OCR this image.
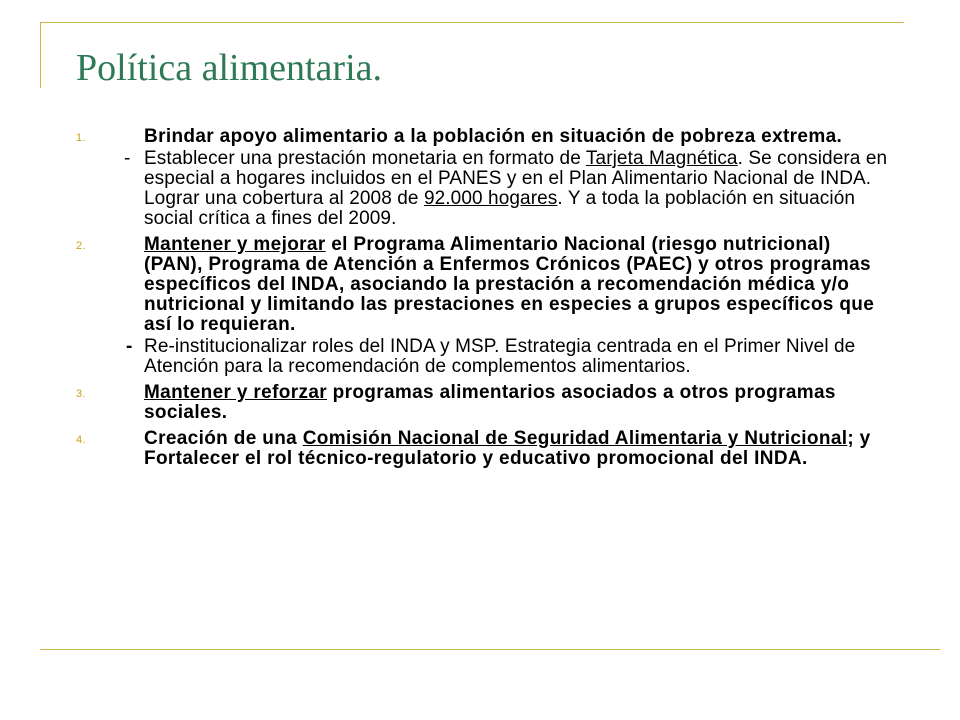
Política alimentaria.
1.	Brindar apoyo alimentario a la población en situación de pobreza extrema.
- Establecer una prestación monetaria en formato de Tarjeta Magnética. Se considera en especial a hogares incluidos en el PANES y en el Plan Alimentario Nacional de INDA. Lograr una cobertura al 2008 de 92.000 hogares. Y a toda la población en situación social crítica a fines del 2009.
2.	Mantener y mejorar el Programa Alimentario Nacional (riesgo nutricional) (PAN), Programa de Atención a Enfermos Crónicos (PAEC) y otros programas específicos del INDA, asociando la prestación a recomendación médica y/o nutricional y limitando las prestaciones en especies a grupos específicos que así lo requieran.
- Re-institucionalizar roles del INDA y MSP. Estrategia centrada en el Primer Nivel de Atención para la recomendación de complementos alimentarios.
3.	Mantener y reforzar programas alimentarios asociados a otros programas sociales.
4.	Creación de una Comisión Nacional de Seguridad Alimentaria y Nutricional; y Fortalecer el rol técnico-regulatorio y educativo promocional del INDA.
